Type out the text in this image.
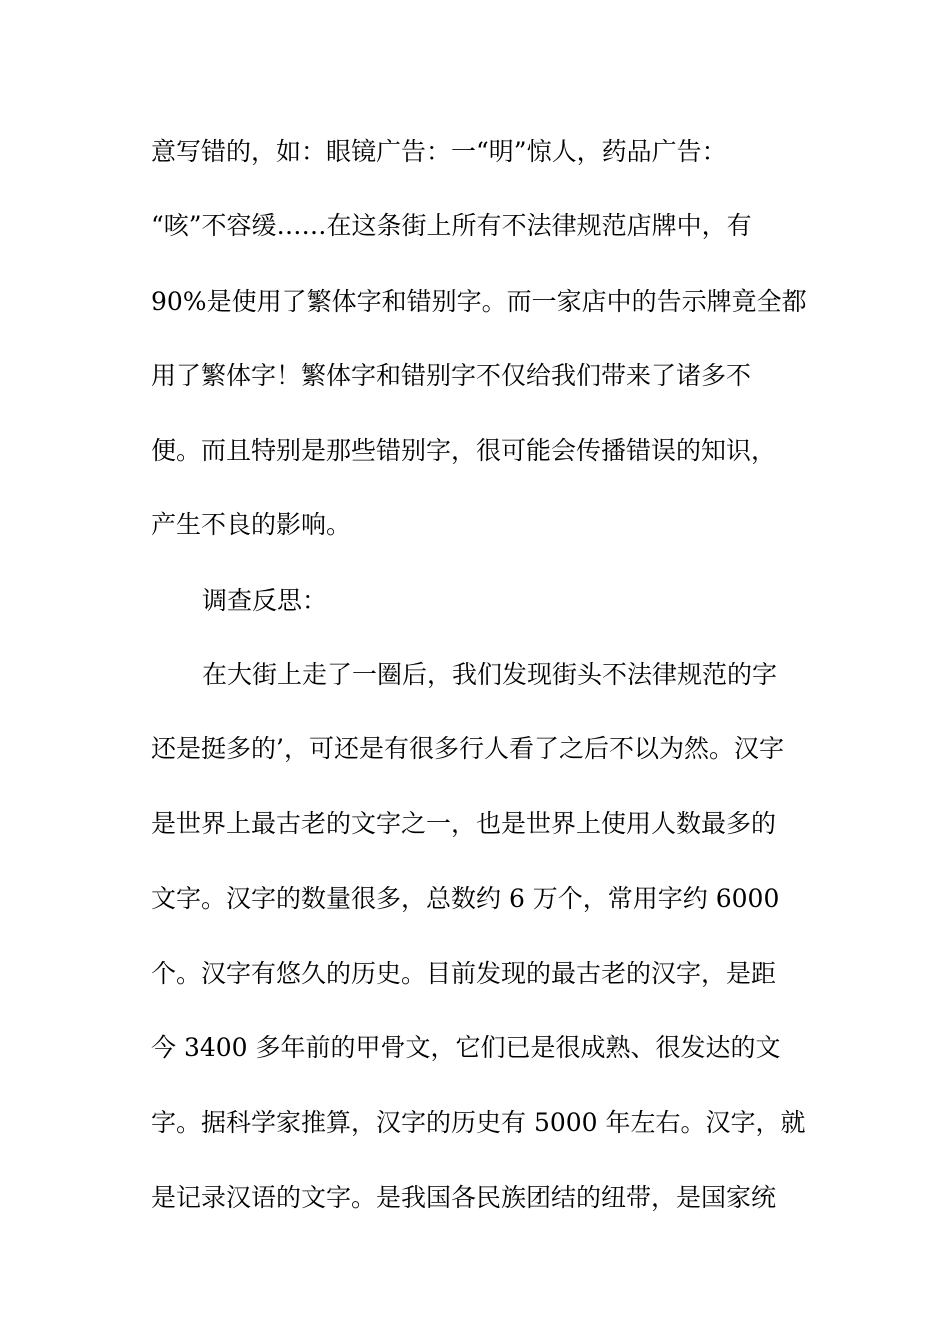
意写错的，如：眼镜广告：一“明”惊人，药品广告：
“咳”不容缓……在这条街上所有不法律规范店牌中，有
90%是使用了繁体字和错别字。而一家店中的告示牌竟全都
用了繁体字！繁体字和错别字不仅给我们带来了诸多不
便。而且特别是那些错别字，很可能会传播错误的知识，
产生不良的影响。
调查反思：
在大街上走了一圈后，我们发现街头不法律规范的字
还是挺多的’，可还是有很多行人看了之后不以为然。汉字
是世界上最古老的文字之一，也是世界上使用人数最多的
文字。汉字的数量很多，总数约 6 万个，常用字约 6000
个。汉字有悠久的历史。目前发现的最古老的汉字，是距
今 3400 多年前的甲骨文，它们已是很成熟、很发达的文
字。据科学家推算，汉字的历史有 5000 年左右。汉字，就
是记录汉语的文字。是我国各民族团结的纽带，是国家统
